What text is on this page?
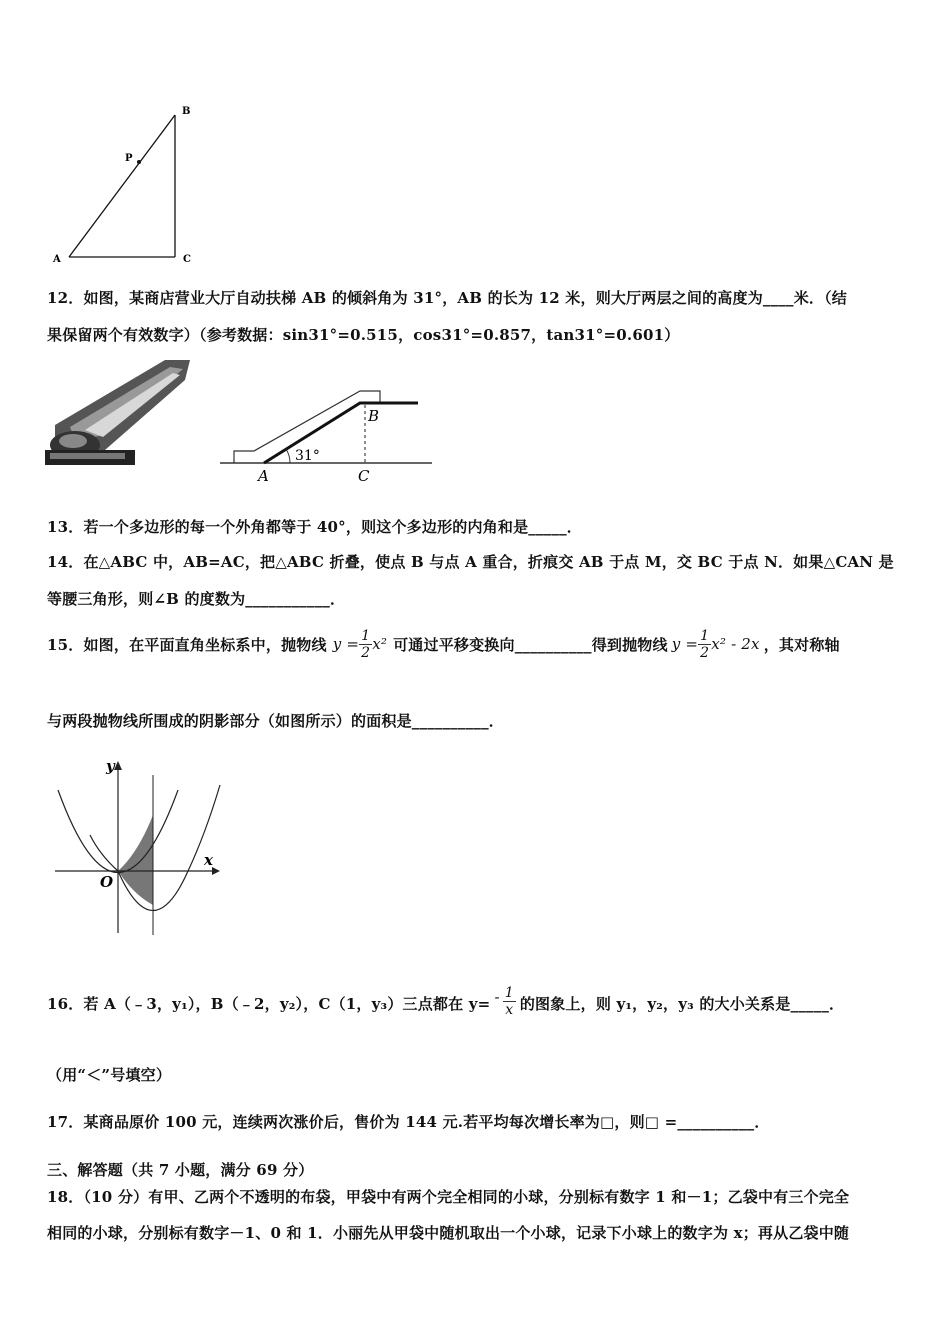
B
P
A	C
12．如图，某商店营业大厅自动扶梯 AB 的倾斜角为 31°，AB 的长为 12 米，则大厅两层之间的高度为____米．（结
果保留两个有效数字）（参考数据：sin31°=0.515，cos31°=0.857，tan31°=0.601）
B
31°
A	C
13．若一个多边形的每一个外角都等于 40°，则这个多边形的内角和是_____．
14．在△ABC 中，AB=AC，把△ABC 折叠，使点 B 与点 A 重合，折痕交 AB 于点 M，交 BC 于点 N．如果△CAN 是
等腰三角形，则∠B 的度数为___________．
15．如图，在平面直角坐标系中，抛物线 $y = \frac{1}{2} x^2$ 可通过平移变换向__________得到抛物线 $y = \frac{1}{2} x^2 - 2x$ ，其对称轴
与两段抛物线所围成的阴影部分（如图所示）的面积是__________．
y
x
O
16．若 A（﹣3，y₁），B（﹣2，y₂），C（1，y₃）三点都在 $y= - \frac{1}{x}$ 的图象上，则 y₁，y₂，y₃ 的大小关系是_____．
（用“＜”号填空）
17．某商品原价 100 元，连续两次涨价后，售价为 144 元.若平均每次增长率为□，则□ =__________．
三、解答题（共 7 小题，满分 69 分）
18．（10 分）有甲、乙两个不透明的布袋，甲袋中有两个完全相同的小球，分别标有数字 1 和－1；乙袋中有三个完全
相同的小球，分别标有数字－1、0 和 1．小丽先从甲袋中随机取出一个小球，记录下小球上的数字为 x；再从乙袋中随
